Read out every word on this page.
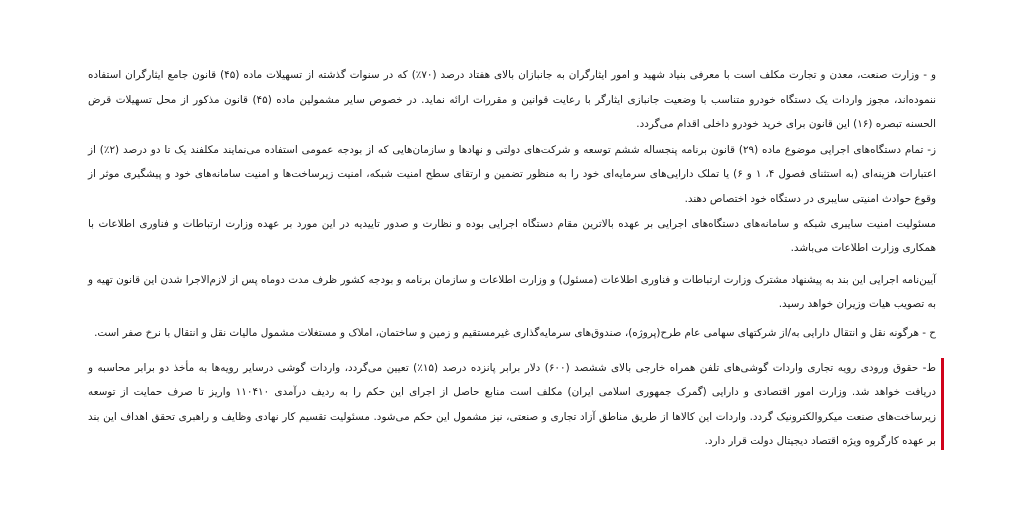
و - وزارت صنعت، معدن و تجارت مکلف است با معرفی بنیاد شهید و امور ایثارگران به جانبازان بالای هفتاد درصد (۷۰٪) که در سنوات گذشته از تسهیلات ماده (۴۵) قانون جامع ایثارگران استفاده ننموده‌اند، مجوز واردات یک دستگاه خودرو متناسب با وضعیت جانبازی ایثارگر با رعایت قوانین و مقررات ارائه نماید. در خصوص سایر مشمولین ماده (۴۵) قانون مذکور از محل تسهیلات قرض الحسنه تبصره (۱۶) این قانون برای خرید خودرو داخلی اقدام می‌گردد.

ز- تمام دستگاه‌های اجرایی موضوع ماده (۲۹) قانون برنامه پنجساله ششم توسعه و شرکت‌های دولتی و نهادها و سازمان‌هایی که از بودجه عمومی استفاده می‌نمایند مکلفند یک تا دو درصد (۲٪) از اعتبارات هزینه‌ای (به استثنای فصول ۴، ۱ و ۶) یا تملک دارایی‌های سرمایه‌ای خود را به منظور تضمین و ارتقای سطح امنیت شبکه، امنیت زیرساخت‌ها و امنیت سامانه‌های خود و پیشگیری موثر از وقوع حوادث امنیتی سایبری در دستگاه خود اختصاص دهند.

مسئولیت امنیت سایبری شبکه و سامانه‌های دستگاه‌های اجرایی بر عهده بالاترین مقام دستگاه اجرایی بوده و نظارت و صدور تاییدیه در این مورد بر عهده وزارت ارتباطات و فناوری اطلاعات با همکاری وزارت اطلاعات می‌باشد.

آیین‌نامه اجرایی این بند به پیشنهاد مشترک وزارت ارتباطات و فناوری اطلاعات (مسئول) و وزارت اطلاعات و سازمان برنامه و بودجه کشور ظرف مدت دوماه پس از لازم‌الاجرا شدن این قانون تهیه و به تصویب هیات وزیران خواهد رسید.

ح - هرگونه نقل و انتقال دارایی به/از شرکتهای سهامی عام طرح(پروژه)، صندوق‌های سرمایه‌گذاری غیرمستقیم و زمین و ساختمان، املاک و مستغلات مشمول مالیات نقل و انتقال با نرخ صفر است.

ط- حقوق ورودی رویه تجاری واردات گوشی‌های تلفن همراه خارجی بالای ششصد (۶۰۰) دلار برابر پانزده درصد (۱۵٪) تعیین می‌گردد، واردات گوشی درسایر رویه‌ها به مأخذ دو برابر محاسبه و دریافت خواهد شد. وزارت امور اقتصادی و دارایی (گمرک جمهوری اسلامی ایران) مکلف است منابع حاصل از اجرای این حکم را به ردیف درآمدی ۱۱۰۴۱۰ واریز تا صرف حمایت از توسعه زیرساخت‌های صنعت میکروالکترونیک گردد. واردات این کالاها از طریق مناطق آزاد تجاری و صنعتی، نیز مشمول این حکم می‌شود. مسئولیت تقسیم کار نهادی وظایف و راهبری تحقق اهداف این بند بر عهده کارگروه ویژه اقتصاد دیجیتال دولت قرار دارد.
